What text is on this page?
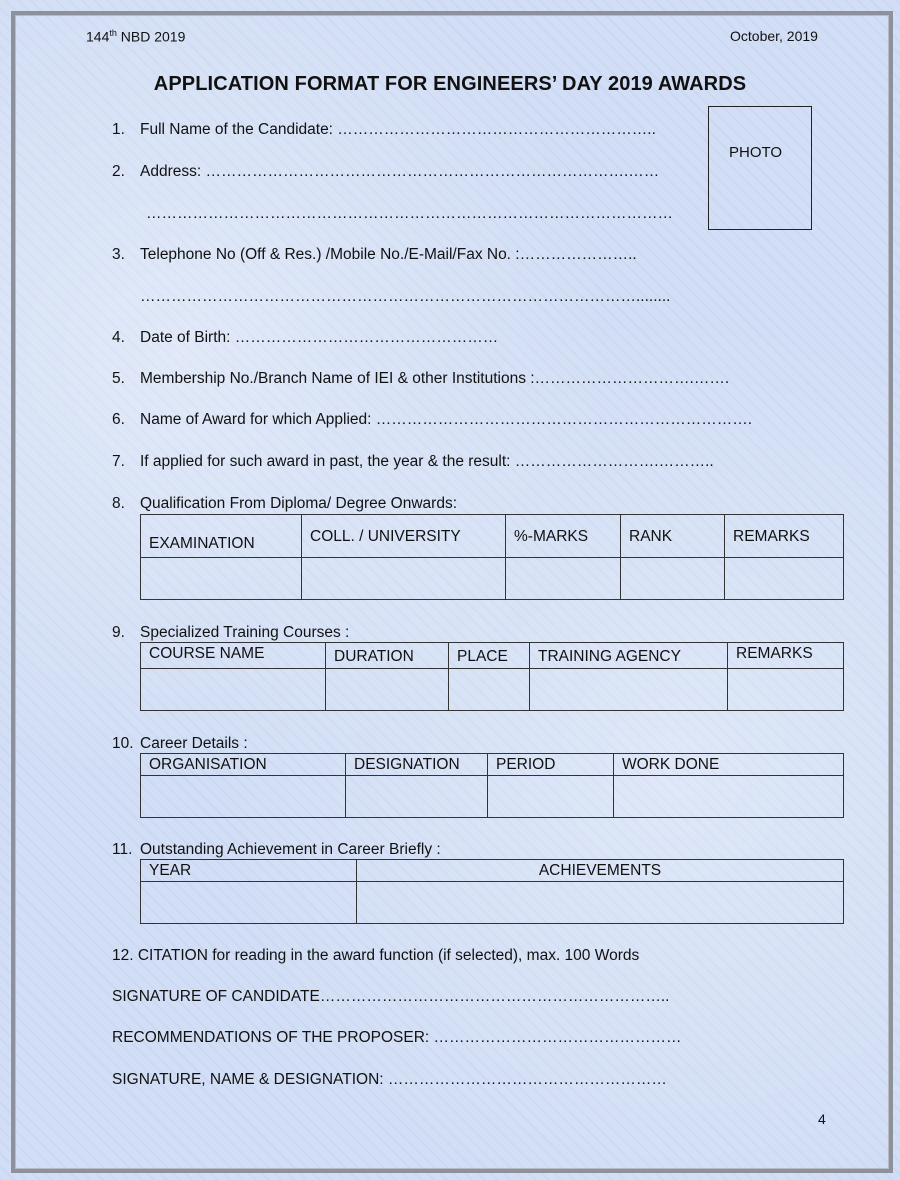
144th NBD 2019	October, 2019
APPLICATION FORMAT FOR ENGINEERS’ DAY 2019 AWARDS
1. Full Name of the Candidate: ……………………………………………………..
PHOTO
2. Address: ……………………………………………………………………….……
…………………………………………………………………………………………
3. Telephone No (Off & Res.) /Mobile No./E-Mail/Fax No. :…………………..
……………………………………………………………………………………........
4. Date of Birth: ……………………………………………
5. Membership No./Branch Name of IEI & other Institutions :………………………….…….
6. Name of Award for which Applied: ……………………………………………………………….
7. If applied for such award in past, the year & the result: ……………………….………..
8. Qualification From Diploma/ Degree Onwards:
EXAMINATION	COLL. / UNIVERSITY	%-MARKS	RANK	REMARKS

9. Specialized Training Courses :
COURSE NAME	DURATION	PLACE	TRAINING AGENCY	REMARKS

10. Career Details :
ORGANISATION	DESIGNATION	PERIOD	WORK DONE

11. Outstanding Achievement in Career Briefly :
YEAR	ACHIEVEMENTS

12. CITATION for reading in the award function (if selected), max. 100 Words
SIGNATURE OF CANDIDATE…………………………………………………………..
RECOMMENDATIONS OF THE PROPOSER: …………………………………………
SIGNATURE, NAME & DESIGNATION: ………………………………………………
4
